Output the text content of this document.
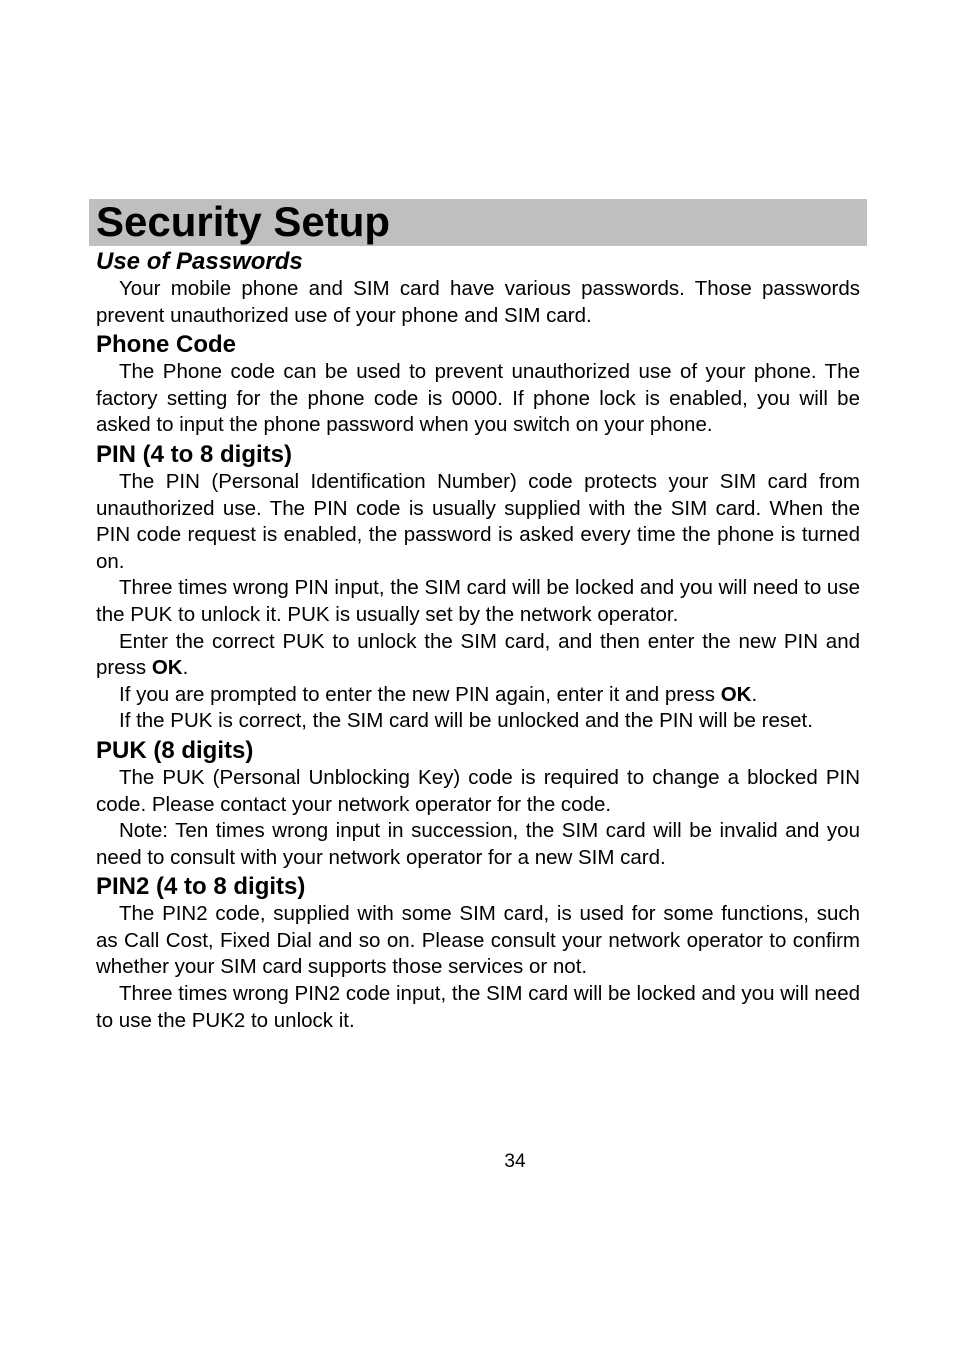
Security Setup
Use of Passwords

Your mobile phone and SIM card have various passwords. Those passwords prevent unauthorized use of your phone and SIM card.

Phone Code

The Phone code can be used to prevent unauthorized use of your phone. The factory setting for the phone code is 0000. If phone lock is enabled, you will be asked to input the phone password when you switch on your phone.

PIN (4 to 8 digits)

The PIN (Personal Identification Number) code protects your SIM card from unauthorized use. The PIN code is usually supplied with the SIM card. When the PIN code request is enabled, the password is asked every time the phone is turned on.

Three times wrong PIN input, the SIM card will be locked and you will need to use the PUK to unlock it. PUK is usually set by the network operator.

Enter the correct PUK to unlock the SIM card, and then enter the new PIN and press OK.

If you are prompted to enter the new PIN again, enter it and press OK.

If the PUK is correct, the SIM card will be unlocked and the PIN will be reset.

PUK (8 digits)

The PUK (Personal Unblocking Key) code is required to change a blocked PIN code. Please contact your network operator for the code.

Note: Ten times wrong input in succession, the SIM card will be invalid and you need to consult with your network operator for a new SIM card.

PIN2 (4 to 8 digits)

The PIN2 code, supplied with some SIM card, is used for some functions, such as Call Cost, Fixed Dial and so on. Please consult your network operator to confirm whether your SIM card supports those services or not.

Three times wrong PIN2 code input, the SIM card will be locked and you will need to use the PUK2 to unlock it.

34
